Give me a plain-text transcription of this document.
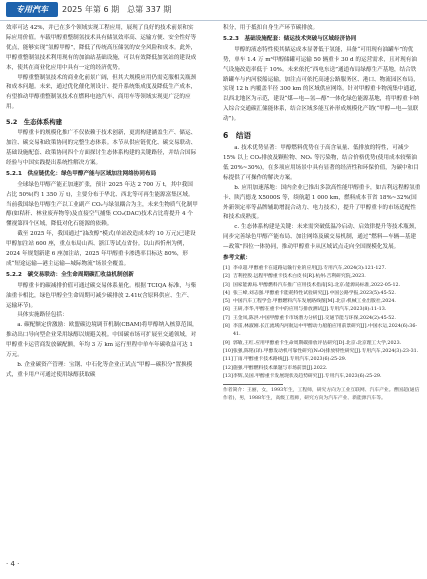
专用汽车	2025 年第 6 期　总第 337 期

效率可达 42%，并已在多个领域实现工程应用，展现了良好的技术前景和实际应用价值。车载甲醇重整制氢技术具有储氢效率高、运输方便、安全性好等优点，能够实现“氢醇甲醇”，降低了传统高压储氢的安全风险和成本。此外，甲醇重整制氢技术利用现有的加油站基础设施，可以有效降低加氢站的建设成本，使其在商业化应用中具有一定的经济优势。

甲醇重整制氢技术的商业化前景广阔，但其大规模应用仍需克服相关瓶颈和成本问题。未来，通过优化催化剂设计、提升系统集成度及降低生产成本，有望推动甲醇重整制氢技术在燃料电池汽车、商用车等领域实现更广泛的应用。

5.2　生态体系构建

甲醇重卡的规模化推广不仅依赖于技术创新，更需构建涵盖生产、储运、加注、碳交易和政策协同的完整生态体系。本节从供应链优化、碳交易联动、基础设施配套、政策协同四个方面探讨生态体系构建的关键路径，并结合国际经验与中国实践提出系统性解决方案。

5.2.1　供应链优化：绿色甲醇产能与区域加注网络协同布局

全球绿色甲醇产能正加速扩张，预计 2025 年达 2 700 万 t，其中我国占比 50%(约 1 350 万 t)，主要分布于华北、西北等可再生能源富集区域。当前我国绿色甲醇生产以工业副产 CO₂与绿氢耦合为主，未来生物质气化制甲醇(如秸秆、林业废弃物等)及直接空气捕集 CO₂(DAC)技术占比将提升 4 个懂视第四个区域，降低对化石能源的依赖。

截至 2025 年，我国通过“油改醇”模式(单站改造成本约 10 万元)已建设甲醇加注站 600 座，重点布局山西、浙江等试点省份。以山西忻州为例，2024 年规划新建 6 座加注站，2025 年甲醇重卡渗透率目标达 80%，形成“短途运输—港主运输—城际物流”场景全覆盖。

5.2.2　碳交易联动：全生命周期碳汇收益机制创新

甲醇重卡的碳减排价值可通过碳交易体系量化。根据 TCIQA 标准，与柴油重卡相比，绿色甲醇全生命周期可减少碳排放 2.41t(含原料供应、生产、运输环节)。

具体实施路径包括：

a. 碳配额定价激励：欧盟碳边境调节机制(CBAM)将甲醇纳入核算范围，推动出口导向型企业采用绿醇以规避关税。中国碳市场可扩展至交通领域，对甲醇重卡运营商发放碳配额，年均 3 万 km 运行里程中单车年碳收益可达 1 万元。

b. 企业碳资产管理：宝钢、中石化等企业正试点“甲醇—碳积分”置换模式，重卡用户可通过使用绿醇获取碳

积分，用于抵扣自身生产环节碳排放。

5.2.3　基础设施配套：储运技术突破与区域经济协同

甲醇的液态特性使其储运成本显著低于氢能，具备“可用现有油罐车”的优势，单车 1.4 万 m³甲醇储罐可运输 50 辆重卡 30 d 的运营需求，且对现有油气设施改造率低于 10%。未来依托“西电东送”通道布局绿醇生产基地，结合铁路罐车与内河驳船运输，加注点可依托高速公路服务区、港口、物流园区布局，实现 12 h 内覆盖半径 300 km 的区域供应网络。针对甲醇重卡物流集中通道，以西北地区为示范，建设“煤—电—氢—醇”一体化绿色能源基地，将甲醇重卡纳入综合交通碳汇储能体系，结合区域多能互补形成规模化产销(“甲醇—电—氢联动”)。

6　结语

a. 技术优势显著：甲醇燃料优势在于高含氧量、低排放的特性，可减少 15% 以上 CO₂排放及颗粒物、NOₓ 等污染物，结合价格优势(使用成本较柴油低 20%~30%)，在多项应用场景中具有显著的经济性和环保价值，为碳中和目标提供了可操作的解决方案。

b. 应用加速落地：国内企业已推出多款高性能甲醇重卡，如吉利远程醇氢重卡、陕汽德龙 X5000S 等，续航超 1 000 km，燃料成本节省 18%~32%(国外新领定率等品牌辅助增混合动力、电力技术），提升了甲醇重卡的市场适配性和技术成熟度。

c. 生态体系构建是关键：未来需突破低温冷启动、启效律提升等技术瓶颈，同步完善绿色甲醇产能布局、加注网络及碳交易机制，通过“燃料—车辆—基建—政策”四位一体协同，推动甲醇重卡从区域试点走向全国规模化发展。

参考文献：
[1] 李卓超.甲醇重卡在道路运输行业的应用[J].专用汽车,2024(3):121-127.
[2] 吉利控股.远程甲醇重卡技术白皮书[R].杭州:吉利研究院,2023.
[3] 国家能源局.甲醇燃料汽车推广应用技术指南[S].北京:能源局标准,2022-05-12.
[4] 张三峰,刘志强.甲醇重卡能耗特性试验研究[J].中国公路学报,2023(5):45-52.
[5] 中国汽车工程学会.甲醇燃料汽车发展路线图[M].北京:机械工业出版社,2024.
[6] 王研,李华,甲醇在重卡中的应用与排放测试[J].专用汽车,2023(8):11-13.
[7] 王金凤,陈洪.中国甲醇重卡市场潜力分析[J].交通节能与环保,2024(2):45-52.
[8] 李雷,林淑刚.长江流域内河航运中甲醇动力船舶应用前景研究[J].中国水运,2024(6):36-41.
[9] 郭敏,王红.应用甲醇重卡生命周期碳排放评估研究[D].北京:北京理工大学,2023.
[10] 张强,陈铭(译).甲醇发动机可靠性研究(N₂O)排放特性研究[J].专用汽车,2024(3):23-31.
[11] 丁雨.甲醇重卡技术路线[J].专用汽车,2023(6):25-29.
[12] 施强.甲醇燃料技术课题与市场前景[J].2022.
[13] 李辉,吴国.甲醇重卡发展现状及趋势研究[J].专用汽车,2023(6):25-29.
作者简介：王丽，女，1993年生，工程师，研究方向为工业互联网、汽车产业。曹国超(通信作者)，男，1988年生，高级工程师，研究方向为汽车产业、新能源汽车等。
· 4 ·
